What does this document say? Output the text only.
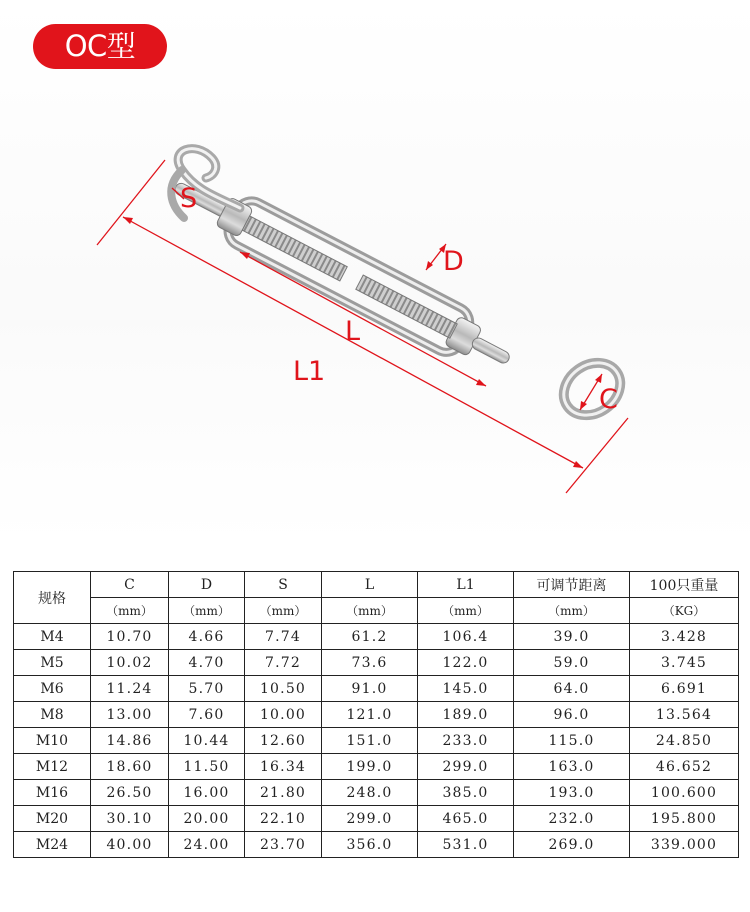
OC型
S
D
L
L1
C
规格	C	D	S	L	L1	可调节距离	100只重量
	（mm）	（mm）	（mm）	（mm）	（mm）	（mm）	（KG）
M4	10.70	4.66	7.74	61.2	106.4	39.0	3.428
M5	10.02	4.70	7.72	73.6	122.0	59.0	3.745
M6	11.24	5.70	10.50	91.0	145.0	64.0	6.691
M8	13.00	7.60	10.00	121.0	189.0	96.0	13.564
M10	14.86	10.44	12.60	151.0	233.0	115.0	24.850
M12	18.60	11.50	16.34	199.0	299.0	163.0	46.652
M16	26.50	16.00	21.80	248.0	385.0	193.0	100.600
M20	30.10	20.00	22.10	299.0	465.0	232.0	195.800
M24	40.00	24.00	23.70	356.0	531.0	269.0	339.000
